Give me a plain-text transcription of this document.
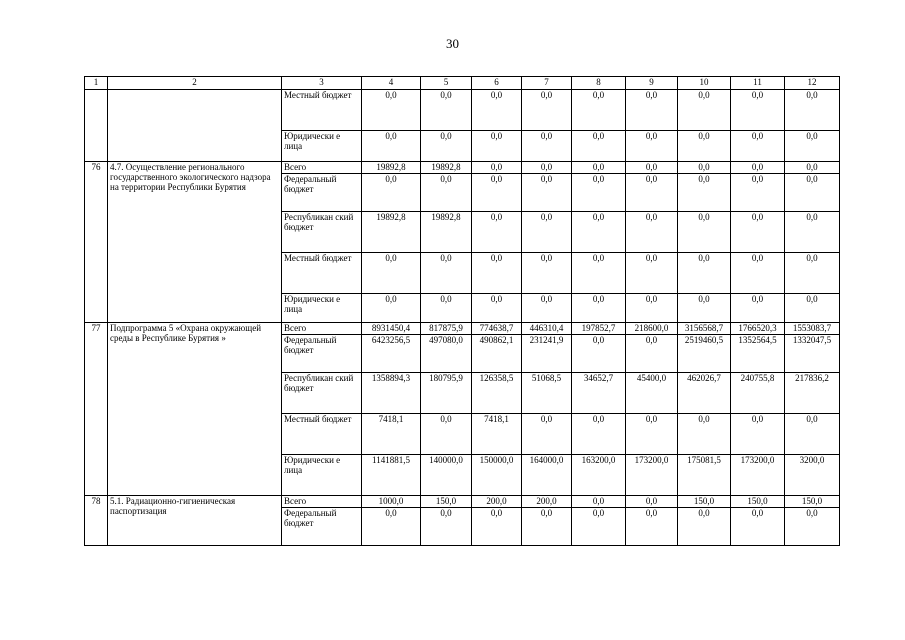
30
1	2	3	4	5	6	7	8	9	10	11	12
		Местный бюджет	0,0	0,0	0,0	0,0	0,0	0,0	0,0	0,0	0,0
		Юридически е лица	0,0	0,0	0,0	0,0	0,0	0,0	0,0	0,0	0,0
76	4.7. Осуществление регионального государственного экологического надзора на территории Республики Бурятия	Всего	19892,8	19892,8	0,0	0,0	0,0	0,0	0,0	0,0	0,0
		Федеральный бюджет	0,0	0,0	0,0	0,0	0,0	0,0	0,0	0,0	0,0
		Республикан ский бюджет	19892,8	19892,8	0,0	0,0	0,0	0,0	0,0	0,0	0,0
		Местный бюджет	0,0	0,0	0,0	0,0	0,0	0,0	0,0	0,0	0,0
		Юридически е лица	0,0	0,0	0,0	0,0	0,0	0,0	0,0	0,0	0,0
77	Подпрограмма 5 «Охрана окружающей среды в Республике Бурятия »	Всего	8931450,4	817875,9	774638,7	446310,4	197852,7	218600,0	3156568,7	1766520,3	1553083,7
		Федеральный бюджет	6423256,5	497080,0	490862,1	231241,9	0,0	0,0	2519460,5	1352564,5	1332047,5
		Республикан ский бюджет	1358894,3	180795,9	126358,5	51068,5	34652,7	45400,0	462026,7	240755,8	217836,2
		Местный бюджет	7418,1	0,0	7418,1	0,0	0,0	0,0	0,0	0,0	0,0
		Юридически е лица	1141881,5	140000,0	150000,0	164000,0	163200,0	173200,0	175081,5	173200,0	3200,0
78	5.1. Радиационно-гигиеническая паспортизация	Всего	1000,0	150,0	200,0	200,0	0,0	0,0	150,0	150,0	150,0
		Федеральный бюджет	0,0	0,0	0,0	0,0	0,0	0,0	0,0	0,0	0,0
